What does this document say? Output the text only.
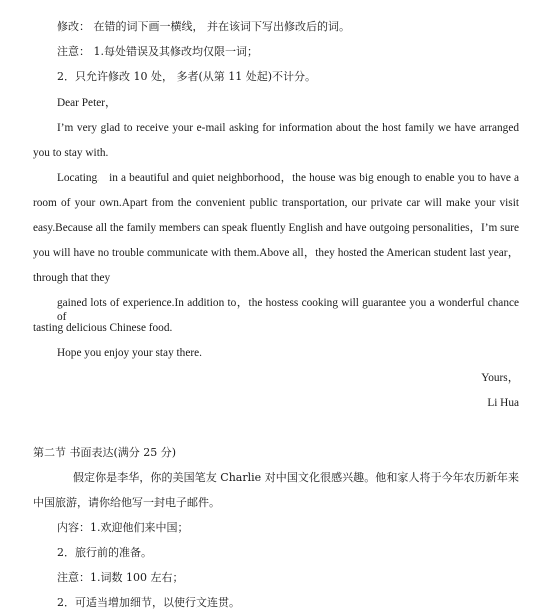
修改： 在错的词下画一横线， 并在该词下写出修改后的词。
注意： 1.每处错误及其修改均仅限一词；
2．只允许修改 10 处， 多者(从第 11 处起)不计分。
Dear Peter，
I’m very glad to receive your e-mail asking for information about the host family we have arranged
you to stay with.
Locating. in a beautiful and quiet neighborhood，the house was big enough to enable you to have a
room of your own.Apart from the convenient public transportation, our private car will make your visit
easy.Because all the family members can speak fluently English and have outgoing personalities，I’m sure
you will have no trouble communicate with them.Above all，they hosted the American student last year，
through that they
gained lots of experience.In addition to，the hostess cooking will guarantee you a wonderful chance of
tasting delicious Chinese food.
Hope you enjoy your stay there.
Yours，
Li Hua
第二节 书面表达(满分 25 分)
假定你是李华，你的美国笔友 Charlie 对中国文化很感兴趣。他和家人将于今年农历新年来
中国旅游，请你给他写一封电子邮件。
内容：1.欢迎他们来中国；
2．旅行前的准备。
注意：1.词数 100 左右；
2．可适当增加细节，以使行文连贯。
